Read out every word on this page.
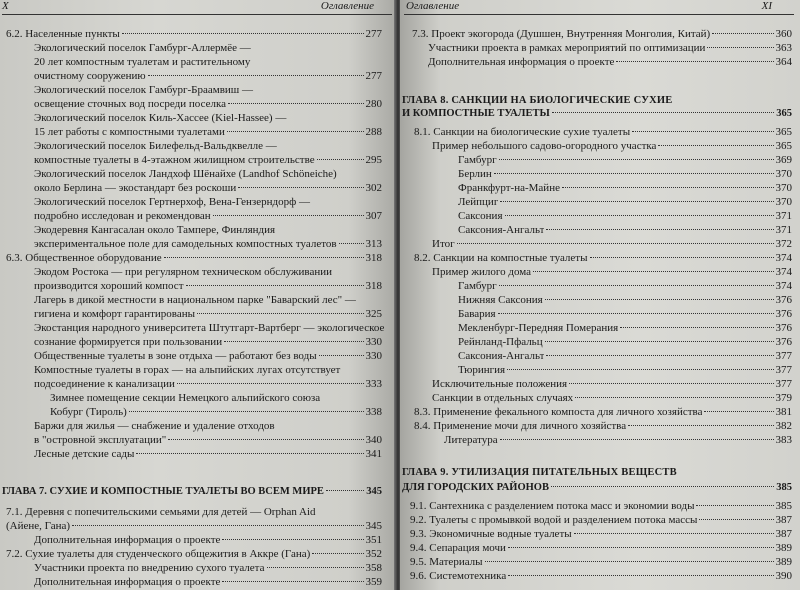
X	Оглавление
6.2. Населенные пункты	277
Экологический поселок Гамбург-Аллермёе —
20 лет компостным туалетам и растительному
очистному сооружению	277
Экологический поселок Гамбург-Браамвиш —
освещение сточных вод посреди поселка	280
Экологический поселок Киль-Хассее (Kiel-Hassee) —
15 лет работы с компостными туалетами	288
Экологический поселок Билефельд-Вальдквелле —
компостные туалеты в 4-этажном жилищном строительстве	295
Экологический поселок Ландхоф Шёнайхе (Landhof Schöneiche)
около Берлина — экостандарт без роскоши	302
Экологический поселок Гертнерхоф, Вена-Гензерндорф —
подробно исследован и рекомендован	307
Экодеревня Кангасалан около Тампере, Финляндия
экспериментальное поле для самодельных компостных туалетов	313
6.3. Общественное оборудование	318
Экодом Ростока — при регулярном техническом обслуживании
производится хороший компост	318
Лагерь в дикой местности в национальном парке "Баварский лес" —
гигиена и комфорт гарантированы	325
Экостанция народного университета Штутгарт-Вартберг — экологическое
сознание формируется при пользовании	330
Общественные туалеты в зоне отдыха — работают без воды	330
Компостные туалеты в горах — на альпийских лугах отсутствует
подсоединение к канализации	333
Зимнее помещение секции Немецкого альпийского союза
Кобург (Тироль)	338
Баржи для жилья — снабжение и удаление отходов
в "островной эксплуатации"	340
Лесные детские сады	341
ГЛАВА 7. СУХИЕ И КОМПОСТНЫЕ ТУАЛЕТЫ ВО ВСЕМ МИРЕ	345
7.1. Деревня с попечительскими семьями для детей — Orphan Aid
(Айене, Гана)	345
Дополнительная информация о проекте	351
7.2. Сухие туалеты для студенческого общежития в Аккре (Гана)	352
Участники проекта по внедрению сухого туалета	358
Дополнительная информация о проекте	359
Оглавление	XI
7.3. Проект экогорода (Душшен, Внутренняя Монголия, Китай)	360
Участники проекта в рамках мероприятий по оптимизации	363
Дополнительная информация о проекте	364
ГЛАВА 8. САНКЦИИ НА БИОЛОГИЧЕСКИЕ СУХИЕ
И КОМПОСТНЫЕ ТУАЛЕТЫ	365
8.1. Санкции на биологические сухие туалеты	365
Пример небольшого садово-огородного участка	365
Гамбург	369
Берлин	370
Франкфурт-на-Майне	370
Лейпциг	370
Саксония	371
Саксония-Ангальт	371
Итог	372
8.2. Санкции на компостные туалеты	374
Пример жилого дома	374
Гамбург	374
Нижняя Саксония	376
Бавария	376
Мекленбург-Передняя Померания	376
Рейнланд-Пфальц	376
Саксония-Ангальт	377
Тюрингия	377
Исключительные положения	377
Санкции в отдельных случаях	379
8.3. Применение фекального компоста для личного хозяйства	381
8.4. Применение мочи для личного хозяйства	382
Литература	383
ГЛАВА 9. УТИЛИЗАЦИЯ ПИТАТЕЛЬНЫХ ВЕЩЕСТВ
ДЛЯ ГОРОДСКИХ РАЙОНОВ	385
9.1. Сантехника с разделением потока масс и экономии воды	385
9.2. Туалеты с промывкой водой и разделением потока массы	387
9.3. Экономичные водные туалеты	387
9.4. Сепарация мочи	389
9.5. Материалы	389
9.6. Системотехника	390
